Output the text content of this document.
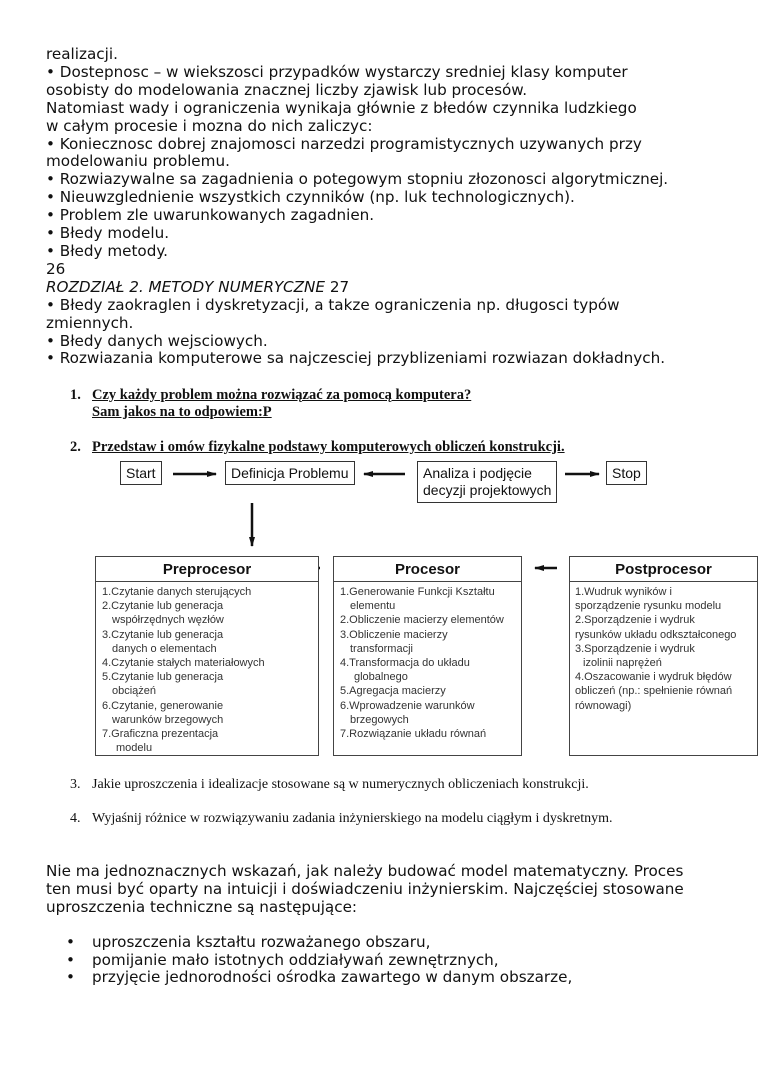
realizacji.
• Dostepnosc – w wiekszosci przypadków wystarczy sredniej klasy komputer
osobisty do modelowania znacznej liczby zjawisk lub procesów.
Natomiast wady i ograniczenia wynikaja głównie z błedów czynnika ludzkiego
w całym procesie i mozna do nich zaliczyc:
• Koniecznosc dobrej znajomosci narzedzi programistycznych uzywanych przy
modelowaniu problemu.
• Rozwiazywalne sa zagadnienia o potegowym stopniu złozonosci algorytmicznej.
• Nieuwzglednienie wszystkich czynników (np. luk technologicznych).
• Problem zle uwarunkowanych zagadnien.
• Błedy modelu.
• Błedy metody.
26
ROZDZIAŁ 2. METODY NUMERYCZNE 27
• Błedy zaokraglen i dyskretyzacji, a takze ograniczenia np. długosci typów
zmiennych.
• Błedy danych wejsciowych.
• Rozwiazania komputerowe sa najczesciej przyblizeniami rozwiazan dokładnych.
1. Czy każdy problem można rozwiązać za pomocą komputera?
Sam jakos na to odpowiem:P
2. Przedstaw i omów fizykalne podstawy komputerowych obliczeń konstrukcji.
Start	Definicja Problemu	Analiza i podjęcie
decyzji projektowych
Stop
Preprocesor
1.Czytanie danych sterujących
2.Czytanie lub generacja
współrzędnych węzłów
3.Czytanie lub generacja
danych o elementach
4.Czytanie stałych materiałowych
5.Czytanie lub generacja
obciążeń
6.Czytanie, generowanie
warunków brzegowych
7.Graficzna prezentacja
modelu
Procesor
1.Generowanie Funkcji Kształtu
elementu
2.Obliczenie macierzy elementów
3.Obliczenie macierzy
transformacji
4.Transformacja do układu
globalnego
5.Agregacja macierzy
6.Wprowadzenie warunków
brzegowych
7.Rozwiązanie układu równań
Postprocesor
1.Wudruk wyników i
sporządzenie rysunku modelu
2.Sporządzenie i wydruk
rysunków układu odkształconego
3.Sporządzenie i wydruk
izolinii naprężeń
4.Oszacowanie i wydruk błędów
obliczeń (np.: spełnienie równań
równowagi)
3. Jakie uproszczenia i idealizacje stosowane są w numerycznych obliczeniach konstrukcji.
4. Wyjaśnij różnice w rozwiązywaniu zadania inżynierskiego na modelu ciągłym i dyskretnym.
Nie ma jednoznacznych wskazań, jak należy budować model matematyczny. Proces
ten musi być oparty na intuicji i doświadczeniu inżynierskim. Najczęściej stosowane
uproszczenia techniczne są następujące:
•	uproszczenia kształtu rozważanego obszaru,
•	pomijanie mało istotnych oddziaływań zewnętrznych,
•	przyjęcie jednorodności ośrodka zawartego w danym obszarze,
